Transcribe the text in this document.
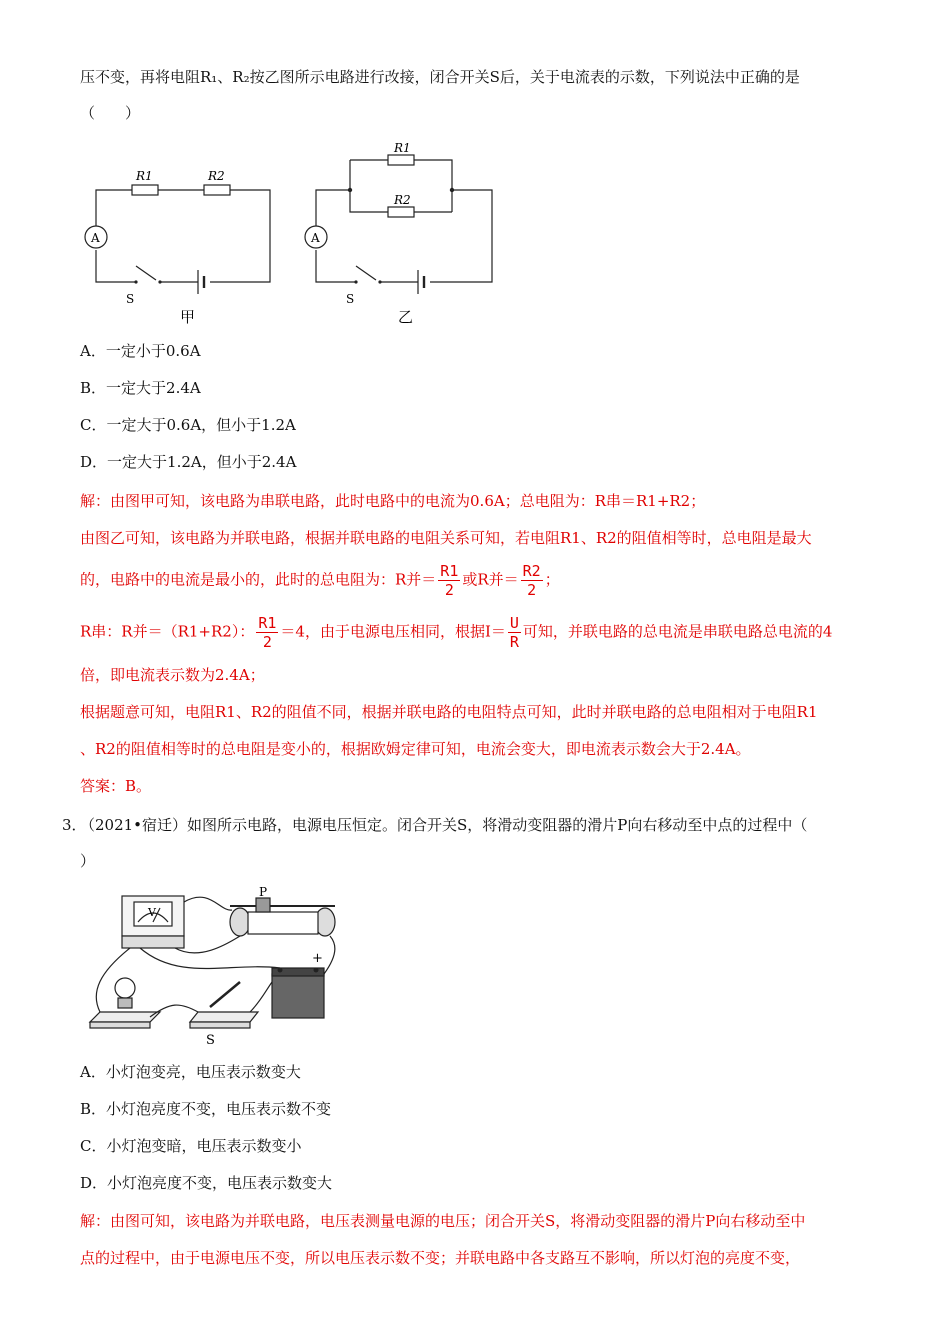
压不变，再将电阻R₁、R₂按乙图所示电路进行改接，闭合开关S后，关于电流表的示数，下列说法中正确的是
（　　）
R1	R2
A
S
甲
R1
R2
A
S
乙
A．一定小于0.6A
B．一定大于2.4A
C．一定大于0.6A，但小于1.2A
D．一定大于1.2A，但小于2.4A
解：由图甲可知，该电路为串联电路，此时电路中的电流为0.6A；总电阻为：R串＝R1+R2；
由图乙可知，该电路为并联电路，根据并联电路的电阻关系可知，若电阻R1、R2的阻值相等时，总电阻是最大
的，电路中的电流是最小的，此时的总电阻为：R并＝ $\frac{R1}{2}$ 或R并＝ $\frac{R2}{2}$ ；
R串：R并＝（R1+R2）： $\frac{R1}{2} =4$，由于电源电压相同，根据$I= \frac{U}{R}$ 可知，并联电路的总电流是串联电路总电流的4
倍，即电流表示数为2.4A；
根据题意可知，电阻R1、R2的阻值不同，根据并联电路的电阻特点可知，此时并联电路的总电阻相对于电阻R1
、R2的阻值相等时的总电阻是变小的，根据欧姆定律可知，电流会变大，即电流表示数会大于2.4A。
答案：B。
3．
（2021•宿迁）如图所示电路，电源电压恒定。闭合开关S，将滑动变阻器的滑片P向右移动至中点的过程中（
）
V
P
+
S
A．小灯泡变亮，电压表示数变大
B．小灯泡亮度不变，电压表示数不变
C．小灯泡变暗，电压表示数变小
D．小灯泡亮度不变，电压表示数变大
解：由图可知，该电路为并联电路，电压表测量电源的电压；闭合开关S，将滑动变阻器的滑片P向右移动至中
点的过程中，由于电源电压不变，所以电压表示数不变；并联电路中各支路互不影响，所以灯泡的亮度不变，
